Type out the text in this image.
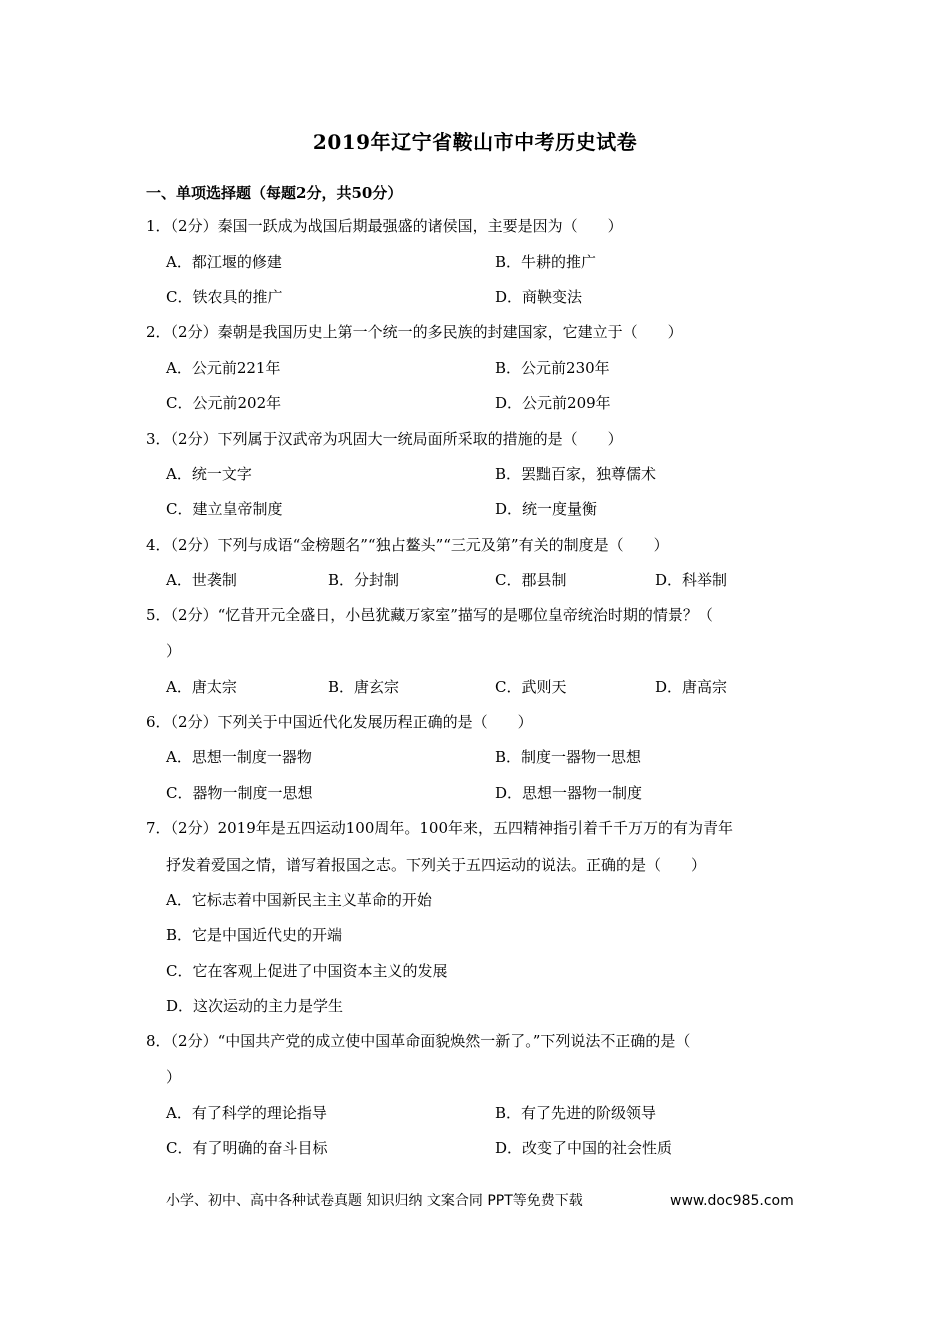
2019年辽宁省鞍山市中考历史试卷
一、单项选择题（每题2分，共50分）
1．（2分）秦国一跃成为战国后期最强盛的诸侯国，主要是因为（　　）
A．都江堰的修建	B．牛耕的推广
C．铁农具的推广	D．商鞅变法
2．（2分）秦朝是我国历史上第一个统一的多民族的封建国家，它建立于（　　）
A．公元前221年	B．公元前230年
C．公元前202年	D．公元前209年
3．（2分）下列属于汉武帝为巩固大一统局面所采取的措施的是（　　）
A．统一文字	B．罢黜百家，独尊儒术
C．建立皇帝制度	D．统一度量衡
4．（2分）下列与成语“金榜题名”“独占鳌头”“三元及第”有关的制度是（　　）
A．世袭制	B．分封制	C．郡县制	D．科举制
5．（2分）“忆昔开元全盛日，小邑犹藏万家室”描写的是哪位皇帝统治时期的情景？（
）
A．唐太宗	B．唐玄宗	C．武则天	D．唐高宗
6．（2分）下列关于中国近代化发展历程正确的是（　　）
A．思想一制度一器物	B．制度一器物一思想
C．器物一制度一思想	D．思想一器物一制度
7．（2分）2019年是五四运动100周年。100年来，五四精神指引着千千万万的有为青年
抒发着爱国之情，谱写着报国之志。下列关于五四运动的说法。正确的是（　　）
A．它标志着中国新民主主义革命的开始
B．它是中国近代史的开端
C．它在客观上促进了中国资本主义的发展
D．这次运动的主力是学生
8．（2分）“中国共产党的成立使中国革命面貌焕然一新了。”下列说法不正确的是（
）
A．有了科学的理论指导	B．有了先进的阶级领导
C．有了明确的奋斗目标	D．改变了中国的社会性质
小学、初中、高中各种试卷真题 知识归纳 文案合同 PPT等免费下载	www.doc985.com
